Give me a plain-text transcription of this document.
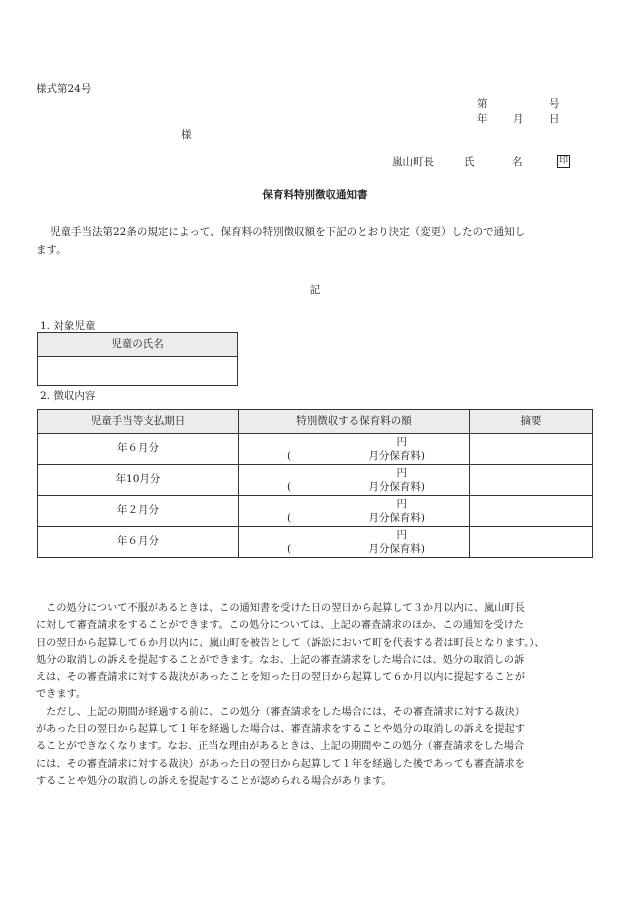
様式第24号
第	号
年 月 日
様
嵐山町長	氏	名	印
保育料特別徴収通知書
児童手当法第22条の規定によって、保育料の特別徴収額を下記のとおり決定（変更）したので通知し
ます。
記
1. 対象児童
児童の氏名

2. 徴収内容
児童手当等支払期日	特別徴収する保育料の額	摘要
年６月分	円
( 月分保育料)	

年10月分	円
( 月分保育料)	

年２月分	円
( 月分保育料)	

年６月分	円
( 月分保育料)	

　この処分について不服があるときは、この通知書を受けた日の翌日から起算して３か月以内に、嵐山町長

に対して審査請求をすることができます。この処分については、上記の審査請求のほか、この通知を受けた

日の翌日から起算して６か月以内に、嵐山町を被告として（訴訟において町を代表する者は町長となります。）、

処分の取消しの訴えを提起することができます。なお、上記の審査請求をした場合には、処分の取消しの訴

えは、その審査請求に対する裁決があったことを知った日の翌日から起算して６か月以内に提起することが

できます。

　ただし、上記の期間が経過する前に、この処分（審査請求をした場合には、その審査請求に対する裁決）

があった日の翌日から起算して１年を経過した場合は、審査請求をすることや処分の取消しの訴えを提起す

ることができなくなります。なお、正当な理由があるときは、上記の期間やこの処分（審査請求をした場合

には、その審査請求に対する裁決）があった日の翌日から起算して１年を経過した後であっても審査請求を

することや処分の取消しの訴えを提起することが認められる場合があります。
